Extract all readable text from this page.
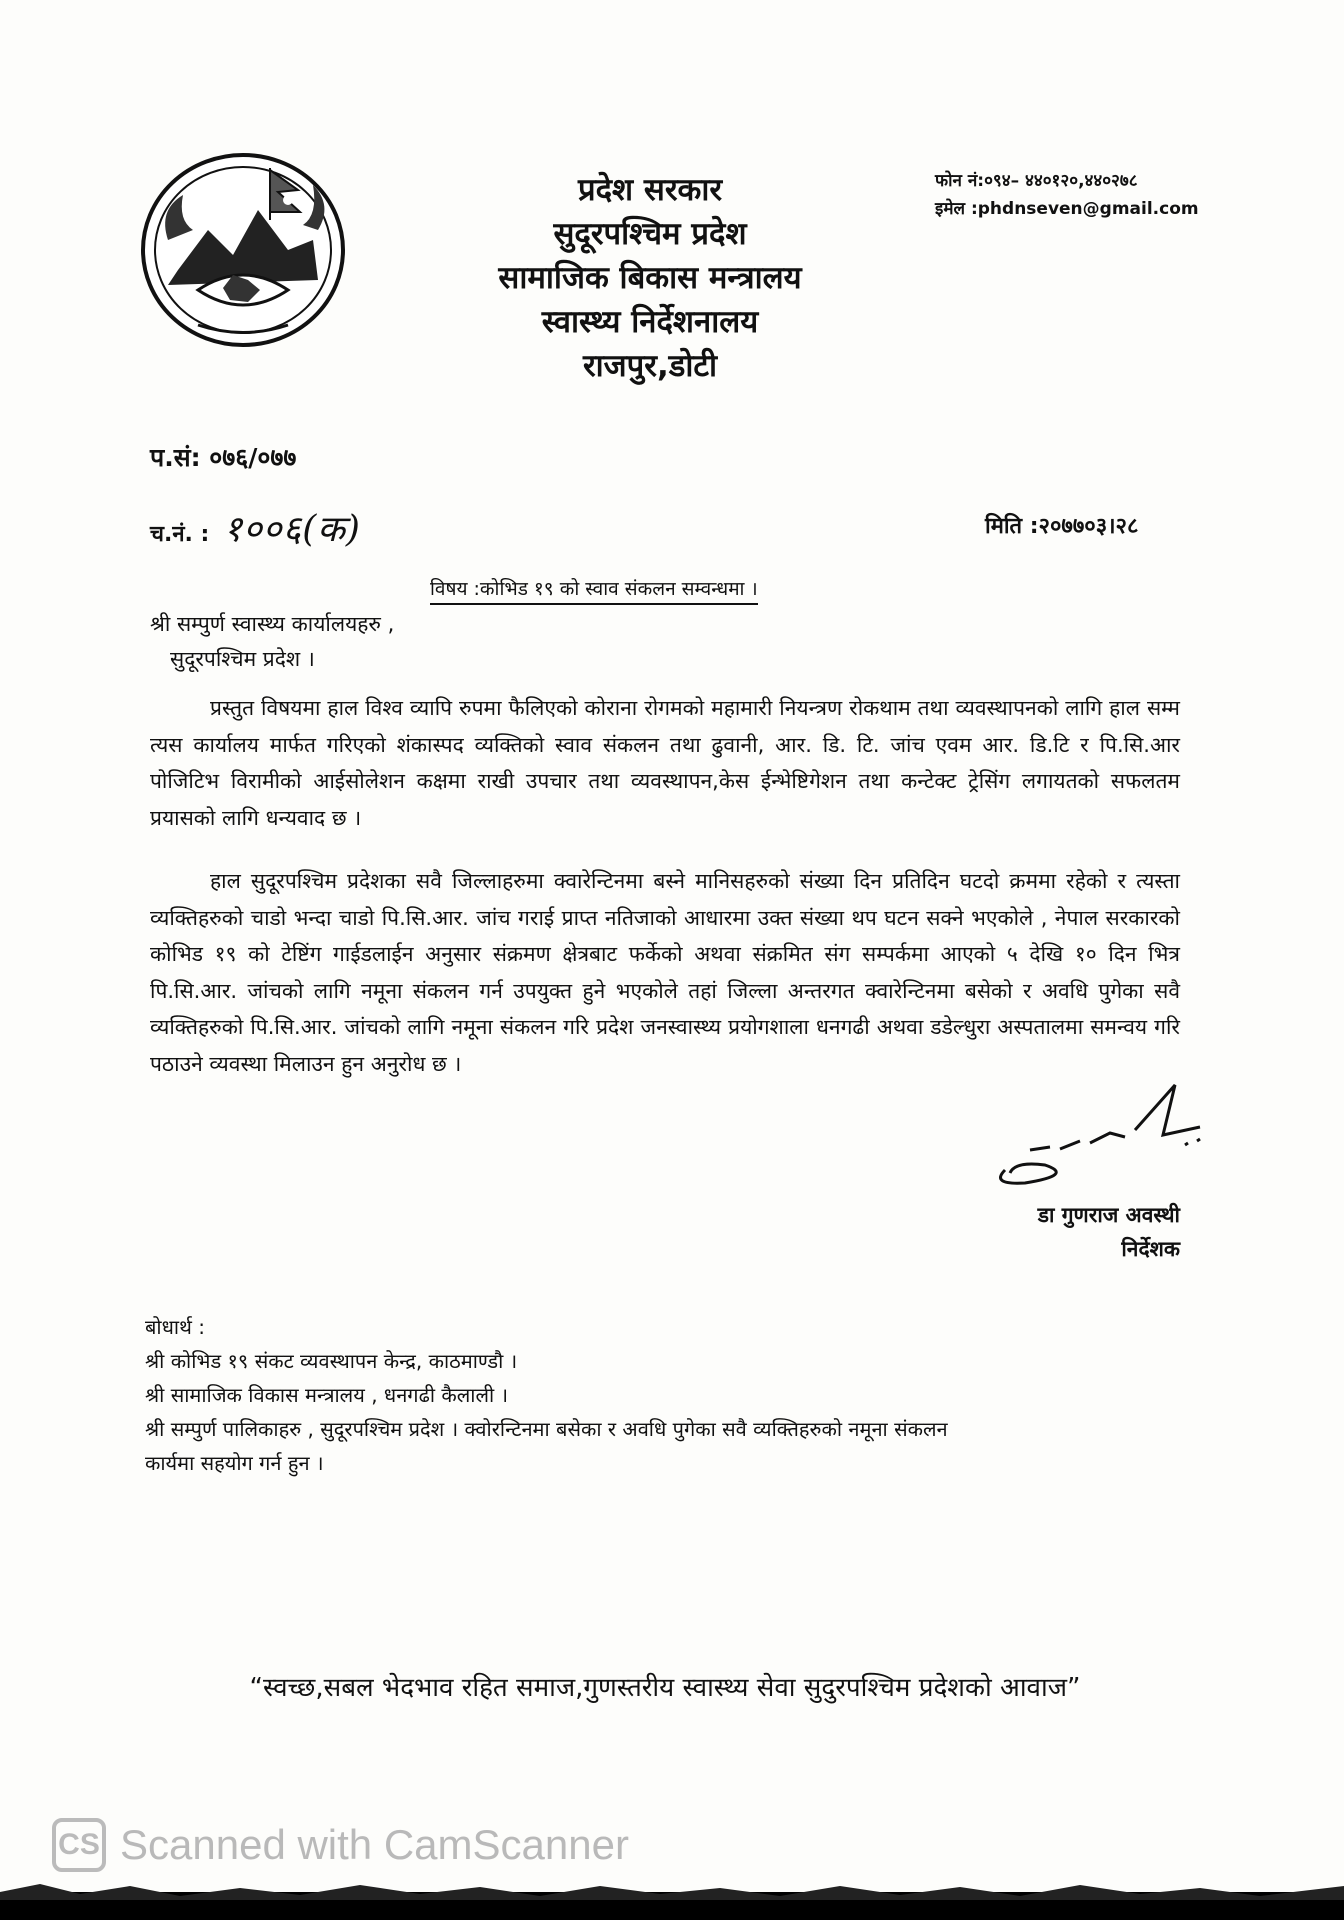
प्रदेश सरकार
सुदूरपश्चिम प्रदेश
सामाजिक बिकास मन्त्रालय
स्वास्थ्य निर्देशनालय
राजपुर,डोटी
फोन नं:०९४– ४४०१२०,४४०२७८
इमेल :phdnseven@gmail.com
प.सं: ०७६/०७७
च.नं. : १००६(क)	मिति :२०७७०३।२८
विषय :कोभिड १९ को स्वाव संकलन सम्वन्धमा ।
श्री सम्पुर्ण स्वास्थ्य कार्यालयहरु ,
सुदूरपश्चिम प्रदेश ।
प्रस्तुत विषयमा हाल विश्व व्यापि रुपमा फैलिएको कोराना रोगमको महामारी नियन्त्रण रोकथाम तथा व्यवस्थापनको लागि हाल सम्म त्यस कार्यालय मार्फत गरिएको शंकास्पद व्यक्तिको स्वाव संकलन तथा ढुवानी, आर. डि. टि. जांच एवम आर. डि.टि र पि.सि.आर पोजिटिभ विरामीको आईसोलेशन कक्षमा राखी उपचार तथा व्यवस्थापन,केस ईन्भेष्टिगेशन तथा कन्टेक्ट ट्रेसिंग लगायतको सफलतम प्रयासको लागि धन्यवाद छ ।
हाल सुदूरपश्चिम प्रदेशका सवै जिल्लाहरुमा क्वारेन्टिनमा बस्ने मानिसहरुको संख्या दिन प्रतिदिन घटदो क्रममा रहेको र त्यस्ता व्यक्तिहरुको चाडो भन्दा चाडो पि.सि.आर. जांच गराई प्राप्त नतिजाको आधारमा उक्त संख्या थप घटन सक्ने भएकोले , नेपाल सरकारको कोभिड १९ को टेष्टिंग गाईडलाईन अनुसार संक्रमण क्षेत्रबाट फर्केको अथवा संक्रमित संग सम्पर्कमा आएको ५ देखि १० दिन भित्र पि.सि.आर. जांचको लागि नमूना संकलन गर्न उपयुक्त हुने भएकोले तहां जिल्ला अन्तरगत क्वारेन्टिनमा बसेको र अवधि पुगेका सवै व्यक्तिहरुको पि.सि.आर. जांचको लागि नमूना संकलन गरि प्रदेश जनस्वास्थ्य प्रयोगशाला धनगढी अथवा डडेल्धुरा अस्पतालमा समन्वय गरि पठाउने व्यवस्था मिलाउन हुन अनुरोध छ ।
डा गुणराज अवस्थी
निर्देशक
बोधार्थ :
श्री कोभिड १९ संकट व्यवस्थापन केन्द्र, काठमाण्डौ ।
श्री सामाजिक विकास मन्त्रालय , धनगढी कैलाली ।
श्री सम्पुर्ण पालिकाहरु , सुदूरपश्चिम प्रदेश । क्वोरन्टिनमा बसेका र अवधि पुगेका सवै व्यक्तिहरुको नमूना संकलन
कार्यमा सहयोग गर्न हुन ।
“स्वच्छ,सबल भेदभाव रहित समाज,गुणस्तरीय स्वास्थ्य सेवा सुदुरपश्चिम प्रदेशको आवाज”
CS Scanned with CamScanner
